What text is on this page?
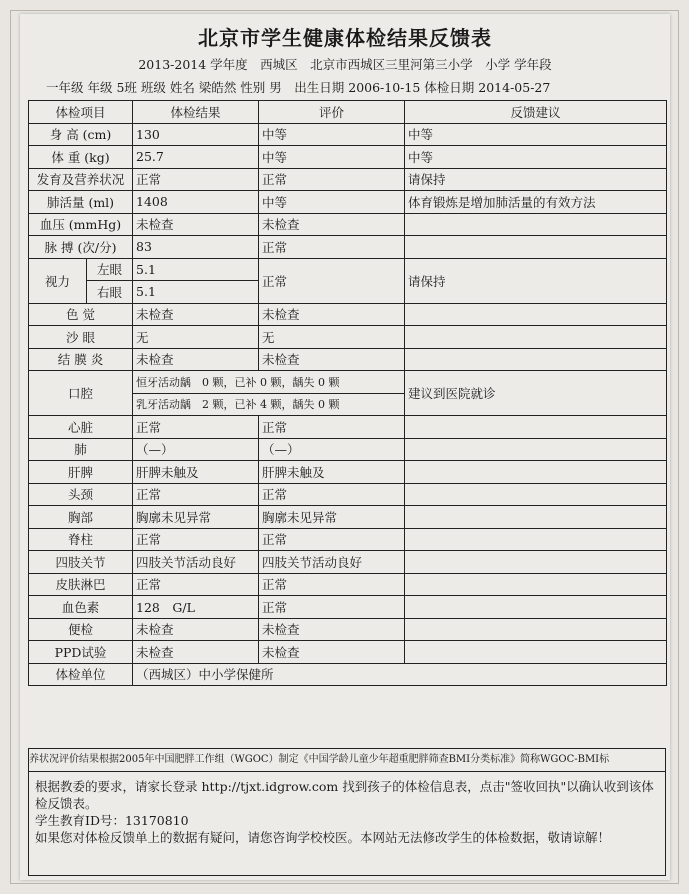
北京市学生健康体检结果反馈表
2013-2014 学年度　西城区　北京市西城区三里河第三小学　小学 学年段
一年级 年级 5班 班级 姓名 梁皓然 性别 男　出生日期 2006-10-15 体检日期 2014-05-27
体检项目		体检结果	评价	反馈建议
身 高 (cm)		130	中等	中等
体 重 (kg)		25.7	中等	中等
发育及营养状况		正常	正常	请保持
肺活量 (ml)		1408	中等	体育锻炼是增加肺活量的有效方法
血压 (mmHg)		未检查	未检查	
脉 搏 (次/分)		83	正常	
视力	左眼	5.1	正常	请保持
	右眼	5.1		
色 觉		未检查	未检查	
沙 眼		无	无	
结 膜 炎		未检查	未检查	
口腔		恒牙活动龋　0 颗，已补 0 颗，龋失 0 颗		建议到医院就诊
		乳牙活动龋　2 颗，已补 4 颗，龋失 0 颗		
心脏		正常	正常	
肺		（—）	（—）	
肝脾		肝脾未触及	肝脾未触及	
头颈		正常	正常	
胸部		胸廓未见异常	胸廓未见异常	
脊柱		正常	正常	
四肢关节		四肢关节活动良好	四肢关节活动良好	
皮肤淋巴		正常	正常	
血色素		128　G/L	正常	
便检		未检查	未检查	
PPD试验		未检查	未检查	
体检单位		（西城区）中小学保健所		
养状况评价结果根据2005年中国肥胖工作组（WGOC）制定《中国学龄儿童少年超重肥胖筛查BMI分类标准》简称WGOC-BMI标
根据教委的要求，请家长登录 http://tjxt.idgrow.com 找到孩子的体检信息表，点击"签收回执"以确认收到该体检反馈表。
学生教育ID号：13170810
如果您对体检反馈单上的数据有疑问，请您咨询学校校医。本网站无法修改学生的体检数据，敬请谅解！
